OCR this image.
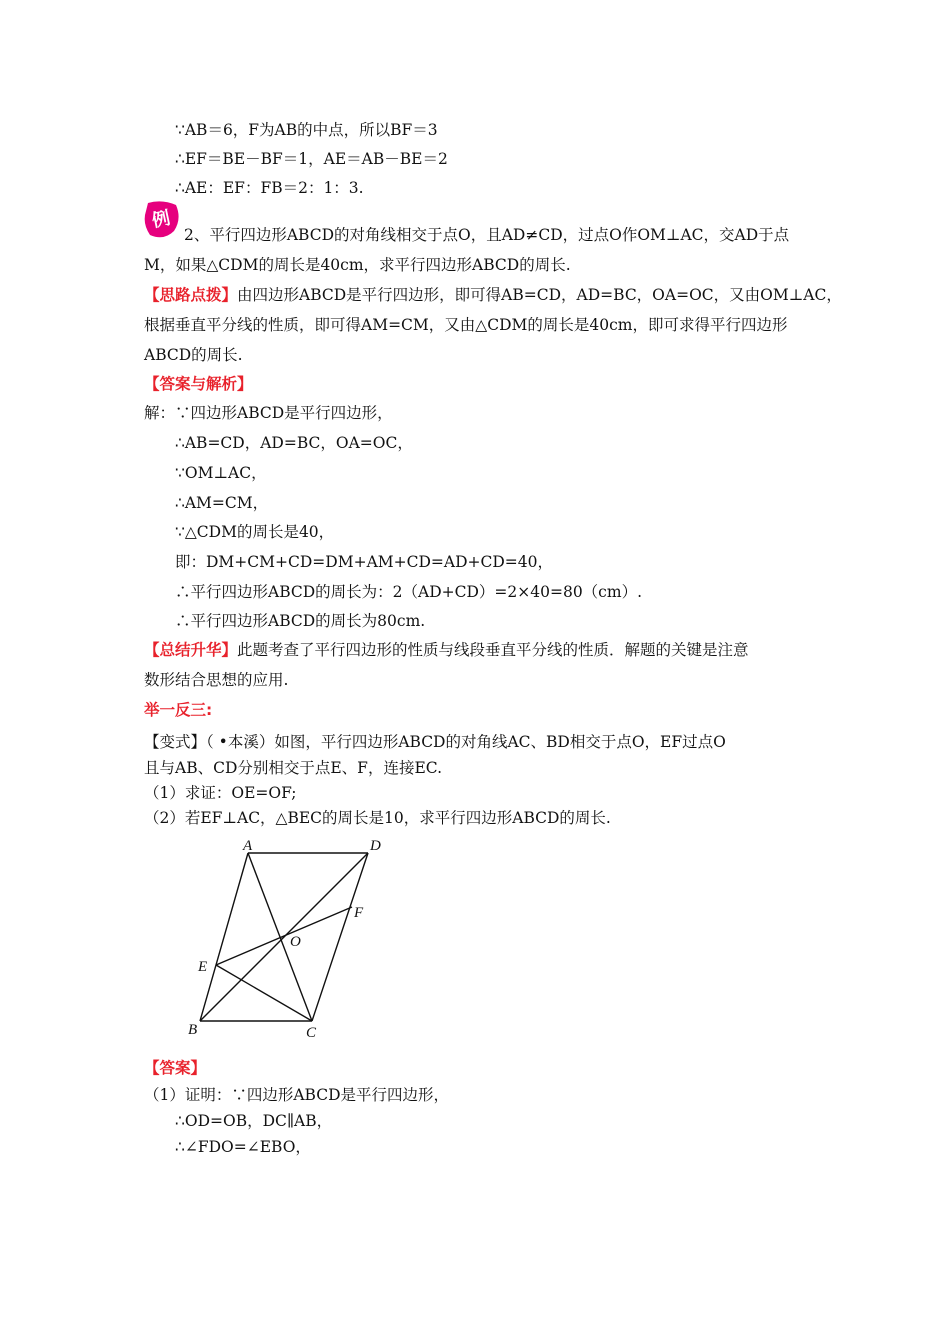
∵AB＝6，F为AB的中点，所以BF＝3
∴EF＝BE－BF＝1，AE＝AB－BE＝2
∴AE：EF：FB＝2：1：3.
例
2、平行四边形ABCD的对角线相交于点O，且AD≠CD，过点O作OM⊥AC，交AD于点
M，如果△CDM的周长是40cm，求平行四边形ABCD的周长.
【思路点拨】由四边形ABCD是平行四边形，即可得AB=CD，AD=BC，OA=OC，又由OM⊥AC，
根据垂直平分线的性质，即可得AM=CM，又由△CDM的周长是40cm，即可求得平行四边形
ABCD的周长.
【答案与解析】
解：∵四边形ABCD是平行四边形，
∴AB=CD，AD=BC，OA=OC，
∵OM⊥AC，
∴AM=CM，
∵△CDM的周长是40，
即：DM+CM+CD=DM+AM+CD=AD+CD=40，
∴平行四边形ABCD的周长为：2（AD+CD）=2×40=80（cm）.
∴平行四边形ABCD的周长为80cm.
【总结升华】此题考查了平行四边形的性质与线段垂直平分线的性质．解题的关键是注意
数形结合思想的应用.
举一反三:
【变式】（ •本溪）如图，平行四边形ABCD的对角线AC、BD相交于点O，EF过点O
且与AB、CD分别相交于点E、F，连接EC.
（1）求证：OE=OF;
（2）若EF⊥AC，△BEC的周长是10，求平行四边形ABCD的周长.
A	D
F
O
E
B	C
【答案】
（1）证明：∵四边形ABCD是平行四边形，
∴OD=OB，DC∥AB，
∴∠FDO=∠EBO，
